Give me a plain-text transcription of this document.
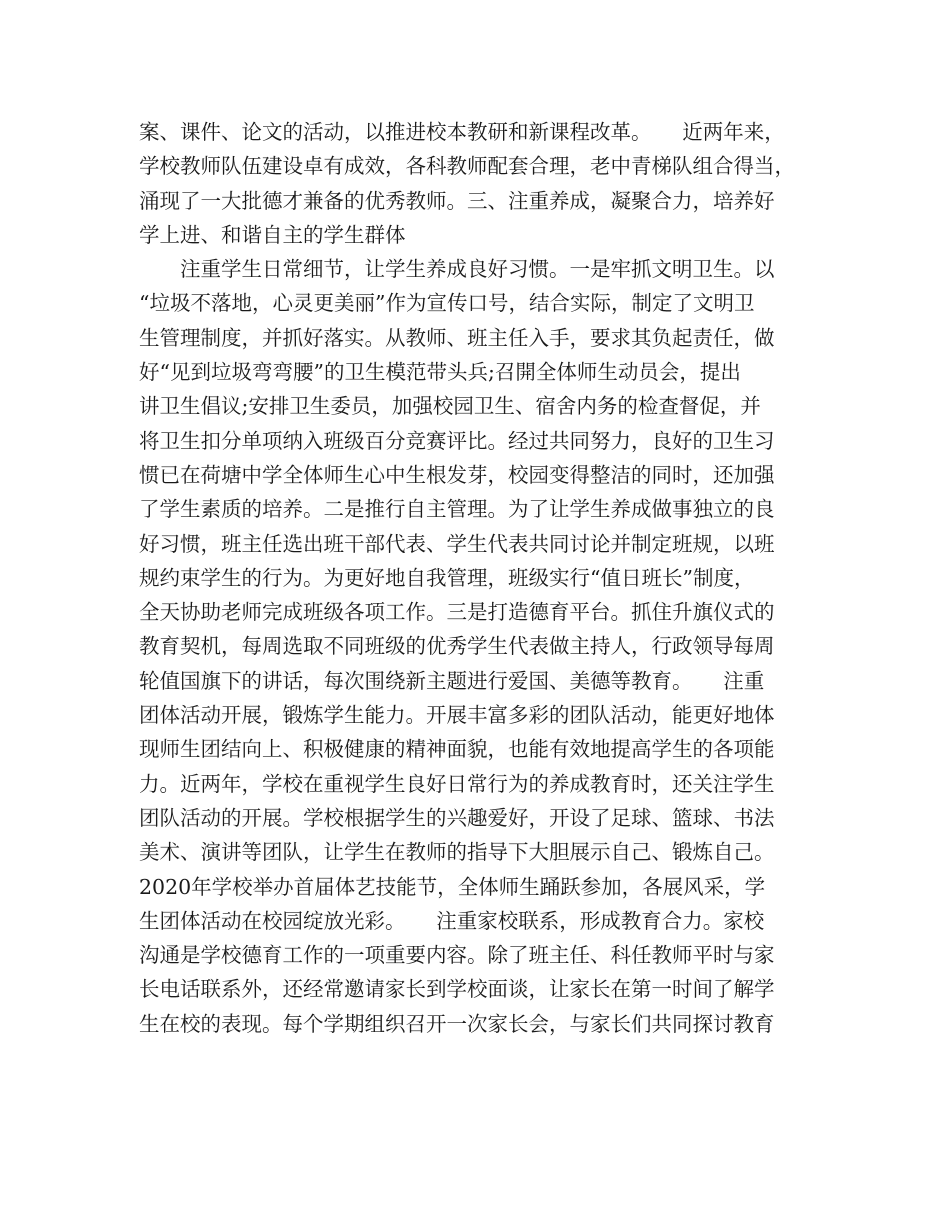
案、课件、论文的活动，以推进校本教研和新课程改革。　　近两年来，
学校教师队伍建设卓有成效，各科教师配套合理，老中青梯队组合得当，
涌现了一大批德才兼备的优秀教师。三、注重养成，凝聚合力，培养好
学上进、和谐自主的学生群体
　　注重学生日常细节，让学生养成良好习惯。一是牢抓文明卫生。以
“垃圾不落地，心灵更美丽”作为宣传口号，结合实际，制定了文明卫
生管理制度，并抓好落实。从教师、班主任入手，要求其负起责任，做
好“见到垃圾弯弯腰”的卫生模范带头兵;召開全体师生动员会，提出
讲卫生倡议;安排卫生委员，加强校园卫生、宿舍内务的检查督促，并
将卫生扣分单项纳入班级百分竞赛评比。经过共同努力，良好的卫生习
惯已在荷塘中学全体师生心中生根发芽，校园变得整洁的同时，还加强
了学生素质的培养。二是推行自主管理。为了让学生养成做事独立的良
好习惯，班主任选出班干部代表、学生代表共同讨论并制定班规，以班
规约束学生的行为。为更好地自我管理，班级实行“值日班长”制度，
全天协助老师完成班级各项工作。三是打造德育平台。抓住升旗仪式的
教育契机，每周选取不同班级的优秀学生代表做主持人，行政领导每周
轮值国旗下的讲话，每次围绕新主题进行爱国、美德等教育。　　注重
团体活动开展，锻炼学生能力。开展丰富多彩的团队活动，能更好地体
现师生团结向上、积极健康的精神面貌，也能有效地提高学生的各项能
力。近两年，学校在重视学生良好日常行为的养成教育时，还关注学生
团队活动的开展。学校根据学生的兴趣爱好，开设了足球、篮球、书法
美术、演讲等团队，让学生在教师的指导下大胆展示自己、锻炼自己。
2020年学校举办首届体艺技能节，全体师生踊跃参加，各展风采，学
生团体活动在校园绽放光彩。　　注重家校联系，形成教育合力。家校
沟通是学校德育工作的一项重要内容。除了班主任、科任教师平时与家
长电话联系外，还经常邀请家长到学校面谈，让家长在第一时间了解学
生在校的表现。每个学期组织召开一次家长会，与家长们共同探讨教育
